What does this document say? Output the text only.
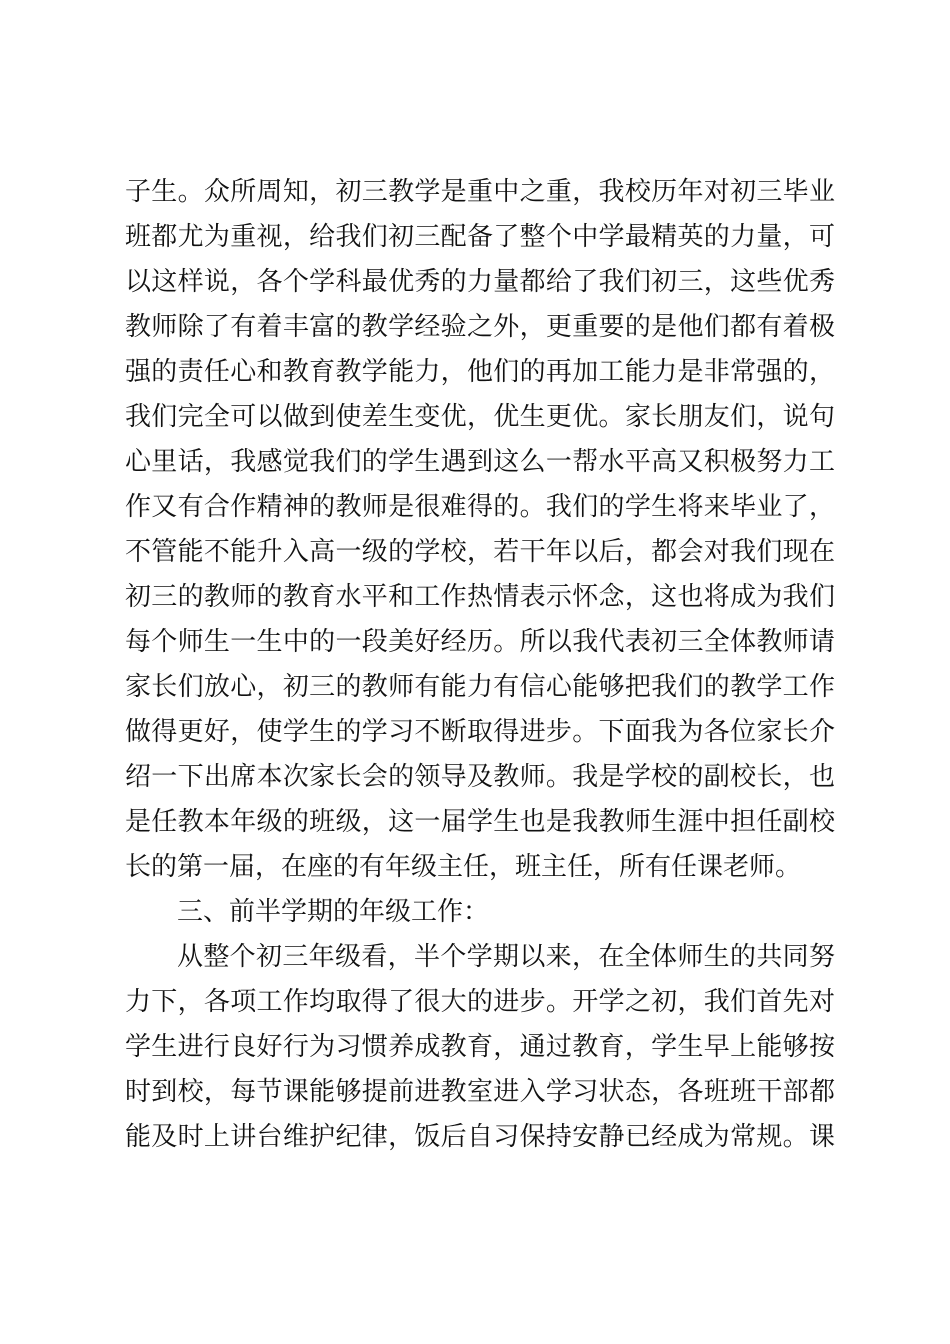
子生。众所周知，初三教学是重中之重，我校历年对初三毕业
班都尤为重视，给我们初三配备了整个中学最精英的力量，可
以这样说，各个学科最优秀的力量都给了我们初三，这些优秀
教师除了有着丰富的教学经验之外，更重要的是他们都有着极
强的责任心和教育教学能力，他们的再加工能力是非常强的，
我们完全可以做到使差生变优，优生更优。家长朋友们，说句
心里话，我感觉我们的学生遇到这么一帮水平高又积极努力工
作又有合作精神的教师是很难得的。我们的学生将来毕业了，
不管能不能升入高一级的学校，若干年以后，都会对我们现在
初三的教师的教育水平和工作热情表示怀念，这也将成为我们
每个师生一生中的一段美好经历。所以我代表初三全体教师请
家长们放心，初三的教师有能力有信心能够把我们的教学工作
做得更好，使学生的学习不断取得进步。下面我为各位家长介
绍一下出席本次家长会的领导及教师。我是学校的副校长，也
是任教本年级的班级，这一届学生也是我教师生涯中担任副校
长的第一届，在座的有年级主任，班主任，所有任课老师。
三、前半学期的年级工作：
从整个初三年级看，半个学期以来，在全体师生的共同努
力下，各项工作均取得了很大的进步。开学之初，我们首先对
学生进行良好行为习惯养成教育，通过教育，学生早上能够按
时到校，每节课能够提前进教室进入学习状态，各班班干部都
能及时上讲台维护纪律，饭后自习保持安静已经成为常规。课
